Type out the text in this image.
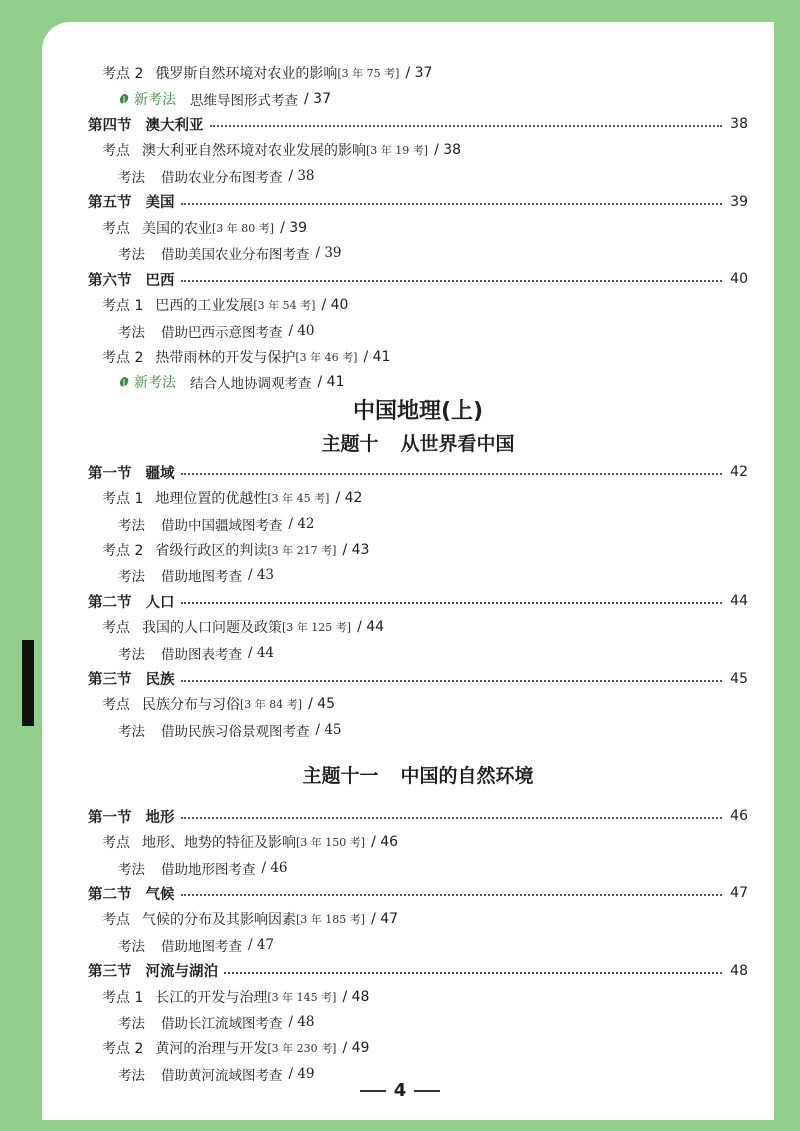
考点 2 俄罗斯自然环境对农业的影响 [3 年 75 考] / 37
新考法 思维导图形式考查 / 37
第四节 澳大利亚	38
考点 澳大利亚自然环境对农业发展的影响 [3 年 19 考] / 38
考法 借助农业分布图考查 / 38
第五节 美国	39
考点 美国的农业 [3 年 80 考] / 39
考法 借助美国农业分布图考查 / 39
第六节 巴西	40
考点 1 巴西的工业发展 [3 年 54 考] / 40
考法 借助巴西示意图考查 / 40
考点 2 热带雨林的开发与保护 [3 年 46 考] / 41
新考法 结合人地协调观考查 / 41
中国地理(上)
主题十 从世界看中国
第一节 疆域	42
考点 1 地理位置的优越性 [3 年 45 考] / 42
考法 借助中国疆域图考查 / 42
考点 2 省级行政区的判读 [3 年 217 考] / 43
考法 借助地图考查 / 43
第二节 人口	44
考点 我国的人口问题及政策 [3 年 125 考] / 44
考法 借助图表考查 / 44
第三节 民族	45
考点 民族分布与习俗 [3 年 84 考] / 45
考法 借助民族习俗景观图考查 / 45
主题十一 中国的自然环境
第一节 地形	46
考点 地形、地势的特征及影响 [3 年 150 考] / 46
考法 借助地形图考查 / 46
第二节 气候	47
考点 气候的分布及其影响因素 [3 年 185 考] / 47
考法 借助地图考查 / 47
第三节 河流与湖泊	48
考点 1 长江的开发与治理 [3 年 145 考] / 48
考法 借助长江流域图考查 / 48
考点 2 黄河的治理与开发 [3 年 230 考] / 49
考法 借助黄河流域图考查 / 49
4
